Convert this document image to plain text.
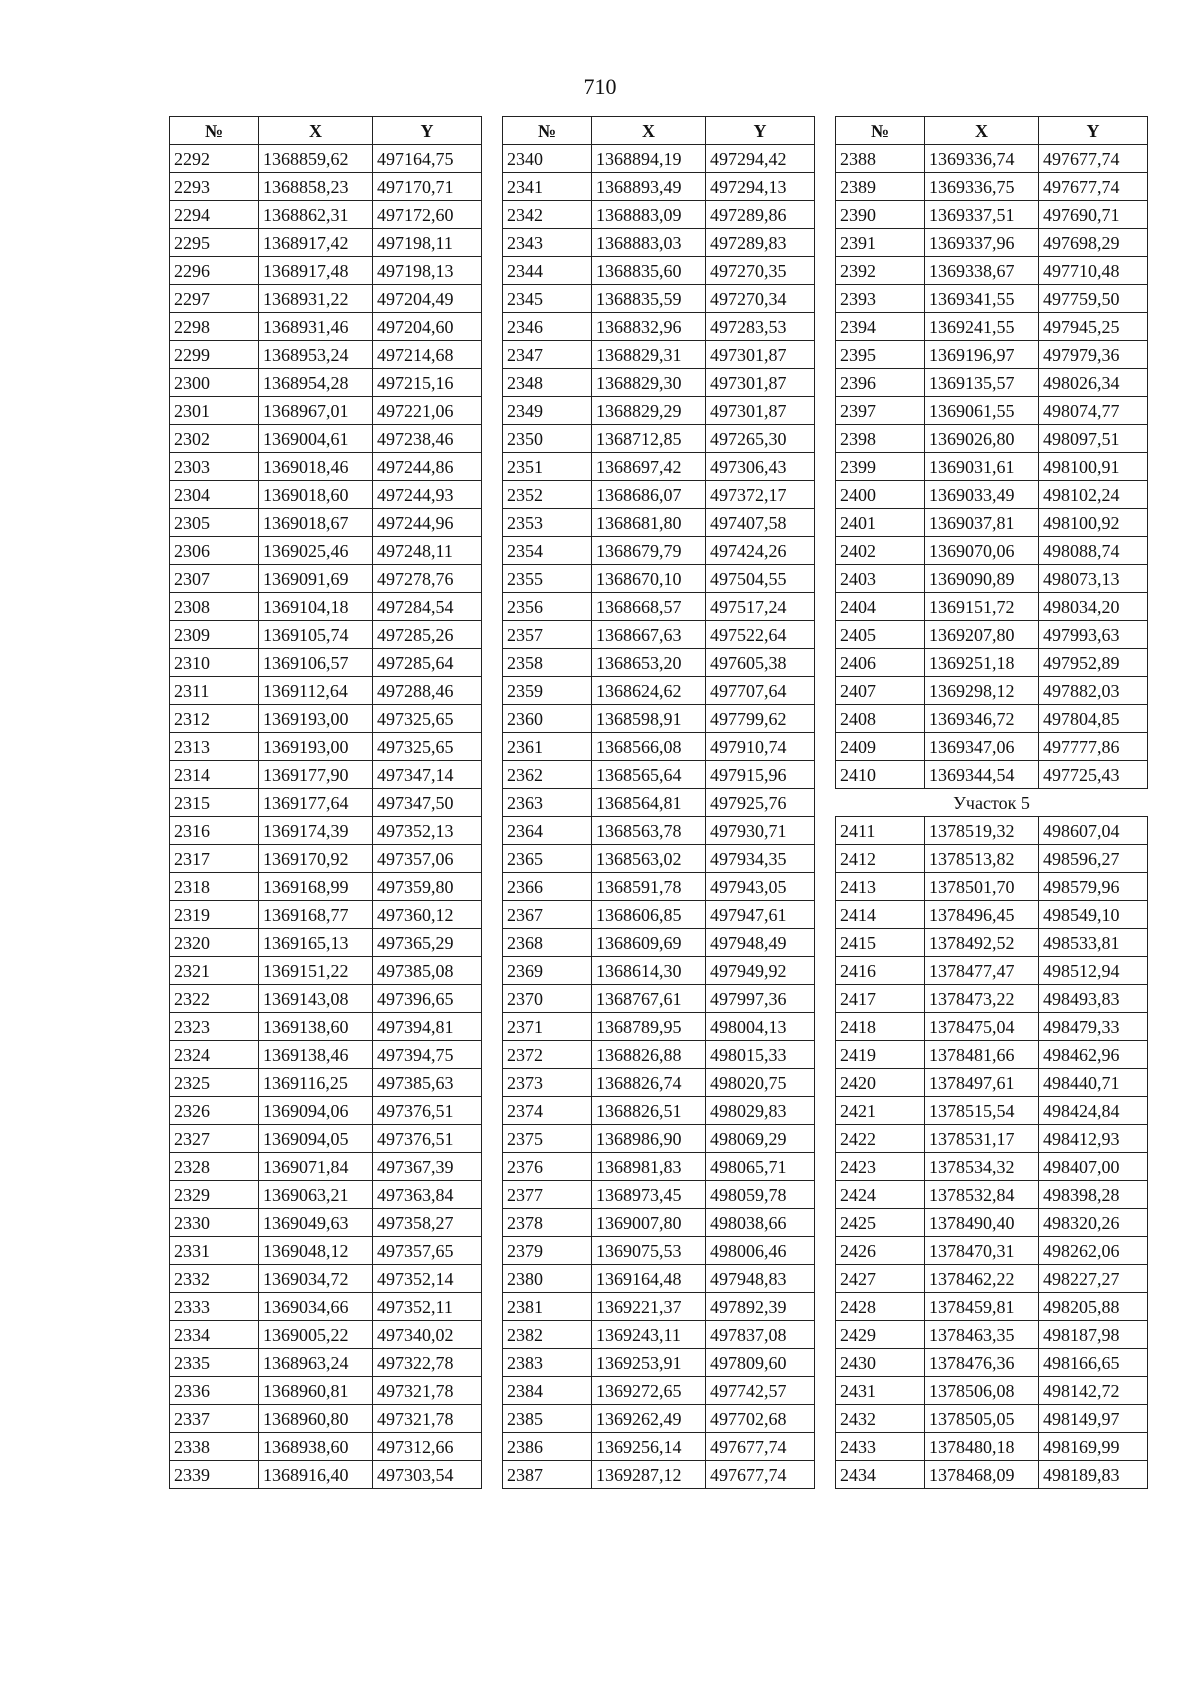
710
№	X	Y
2292	1368859,62	497164,75
2293	1368858,23	497170,71
2294	1368862,31	497172,60
2295	1368917,42	497198,11
2296	1368917,48	497198,13
2297	1368931,22	497204,49
2298	1368931,46	497204,60
2299	1368953,24	497214,68
2300	1368954,28	497215,16
2301	1368967,01	497221,06
2302	1369004,61	497238,46
2303	1369018,46	497244,86
2304	1369018,60	497244,93
2305	1369018,67	497244,96
2306	1369025,46	497248,11
2307	1369091,69	497278,76
2308	1369104,18	497284,54
2309	1369105,74	497285,26
2310	1369106,57	497285,64
2311	1369112,64	497288,46
2312	1369193,00	497325,65
2313	1369193,00	497325,65
2314	1369177,90	497347,14
2315	1369177,64	497347,50
2316	1369174,39	497352,13
2317	1369170,92	497357,06
2318	1369168,99	497359,80
2319	1369168,77	497360,12
2320	1369165,13	497365,29
2321	1369151,22	497385,08
2322	1369143,08	497396,65
2323	1369138,60	497394,81
2324	1369138,46	497394,75
2325	1369116,25	497385,63
2326	1369094,06	497376,51
2327	1369094,05	497376,51
2328	1369071,84	497367,39
2329	1369063,21	497363,84
2330	1369049,63	497358,27
2331	1369048,12	497357,65
2332	1369034,72	497352,14
2333	1369034,66	497352,11
2334	1369005,22	497340,02
2335	1368963,24	497322,78
2336	1368960,81	497321,78
2337	1368960,80	497321,78
2338	1368938,60	497312,66
2339	1368916,40	497303,54
№	X	Y
2340	1368894,19	497294,42
2341	1368893,49	497294,13
2342	1368883,09	497289,86
2343	1368883,03	497289,83
2344	1368835,60	497270,35
2345	1368835,59	497270,34
2346	1368832,96	497283,53
2347	1368829,31	497301,87
2348	1368829,30	497301,87
2349	1368829,29	497301,87
2350	1368712,85	497265,30
2351	1368697,42	497306,43
2352	1368686,07	497372,17
2353	1368681,80	497407,58
2354	1368679,79	497424,26
2355	1368670,10	497504,55
2356	1368668,57	497517,24
2357	1368667,63	497522,64
2358	1368653,20	497605,38
2359	1368624,62	497707,64
2360	1368598,91	497799,62
2361	1368566,08	497910,74
2362	1368565,64	497915,96
2363	1368564,81	497925,76
2364	1368563,78	497930,71
2365	1368563,02	497934,35
2366	1368591,78	497943,05
2367	1368606,85	497947,61
2368	1368609,69	497948,49
2369	1368614,30	497949,92
2370	1368767,61	497997,36
2371	1368789,95	498004,13
2372	1368826,88	498015,33
2373	1368826,74	498020,75
2374	1368826,51	498029,83
2375	1368986,90	498069,29
2376	1368981,83	498065,71
2377	1368973,45	498059,78
2378	1369007,80	498038,66
2379	1369075,53	498006,46
2380	1369164,48	497948,83
2381	1369221,37	497892,39
2382	1369243,11	497837,08
2383	1369253,91	497809,60
2384	1369272,65	497742,57
2385	1369262,49	497702,68
2386	1369256,14	497677,74
2387	1369287,12	497677,74
№	X	Y
2388	1369336,74	497677,74
2389	1369336,75	497677,74
2390	1369337,51	497690,71
2391	1369337,96	497698,29
2392	1369338,67	497710,48
2393	1369341,55	497759,50
2394	1369241,55	497945,25
2395	1369196,97	497979,36
2396	1369135,57	498026,34
2397	1369061,55	498074,77
2398	1369026,80	498097,51
2399	1369031,61	498100,91
2400	1369033,49	498102,24
2401	1369037,81	498100,92
2402	1369070,06	498088,74
2403	1369090,89	498073,13
2404	1369151,72	498034,20
2405	1369207,80	497993,63
2406	1369251,18	497952,89
2407	1369298,12	497882,03
2408	1369346,72	497804,85
2409	1369347,06	497777,86
2410	1369344,54	497725,43
Участок 5		
2411	1378519,32	498607,04
2412	1378513,82	498596,27
2413	1378501,70	498579,96
2414	1378496,45	498549,10
2415	1378492,52	498533,81
2416	1378477,47	498512,94
2417	1378473,22	498493,83
2418	1378475,04	498479,33
2419	1378481,66	498462,96
2420	1378497,61	498440,71
2421	1378515,54	498424,84
2422	1378531,17	498412,93
2423	1378534,32	498407,00
2424	1378532,84	498398,28
2425	1378490,40	498320,26
2426	1378470,31	498262,06
2427	1378462,22	498227,27
2428	1378459,81	498205,88
2429	1378463,35	498187,98
2430	1378476,36	498166,65
2431	1378506,08	498142,72
2432	1378505,05	498149,97
2433	1378480,18	498169,99
2434	1378468,09	498189,83
